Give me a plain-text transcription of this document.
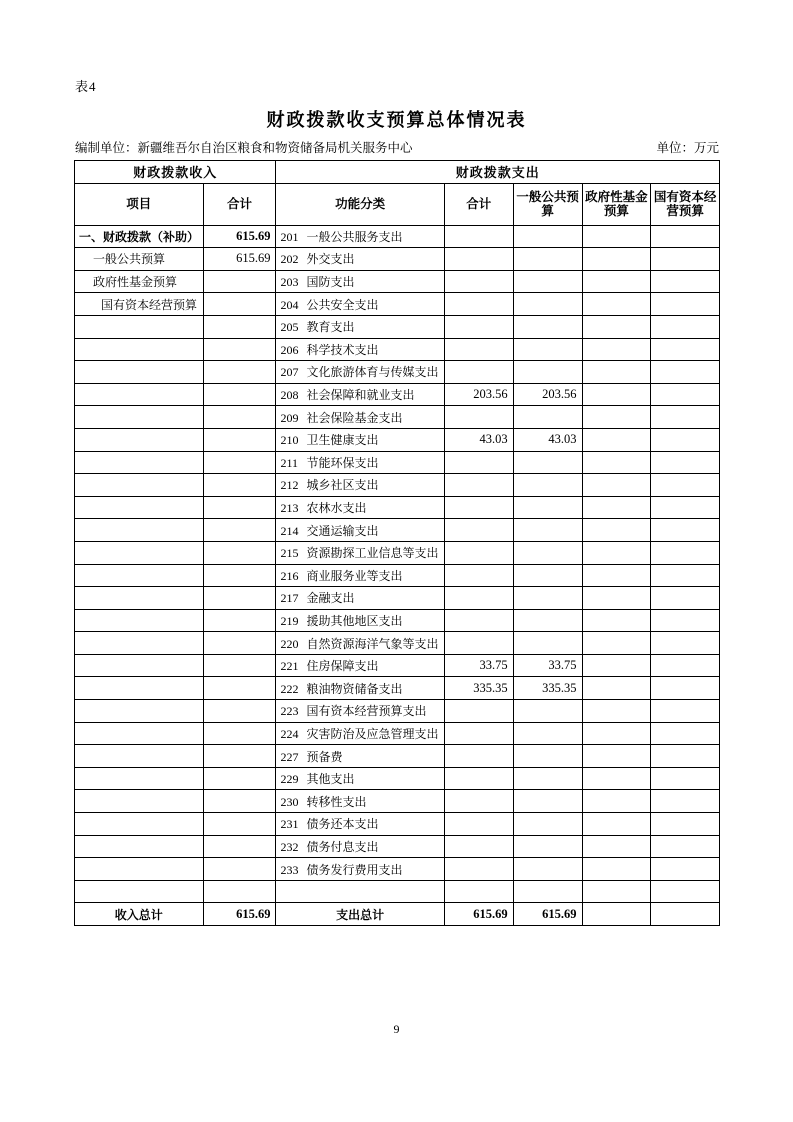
表4
财政拨款收支预算总体情况表
编制单位：新疆维吾尔自治区粮食和物资储备局机关服务中心	单位：万元
财政拨款收入		财政拨款支出				
项目	合计	功能分类	合计	一般公共预算	政府性基金预算	国有资本经营预算

一、财政拨款（补助）	615.69	201 一般公共服务支出				

一般公共预算	615.69	202 外交支出				

政府性基金预算		203 国防支出				

国有资本经营预算		204 公共安全支出				

		205 教育支出				

		206 科学技术支出				

		207 文化旅游体育与传媒支出				

		208 社会保障和就业支出	203.56	203.56		

		209 社会保险基金支出				

		210 卫生健康支出	43.03	43.03		

		211 节能环保支出				

		212 城乡社区支出				

		213 农林水支出				

		214 交通运输支出				

		215 资源勘探工业信息等支出				

		216 商业服务业等支出				

		217 金融支出				

		219 援助其他地区支出				

		220 自然资源海洋气象等支出				

		221 住房保障支出	33.75	33.75		

		222 粮油物资储备支出	335.35	335.35		

		223 国有资本经营预算支出				

		224 灾害防治及应急管理支出				

		227 预备费				

		229 其他支出				

		230 转移性支出				

		231 债务还本支出				

		232 债务付息支出				

		233 债务发行费用支出				

收入总计	615.69	支出总计	615.69	615.69		

9
